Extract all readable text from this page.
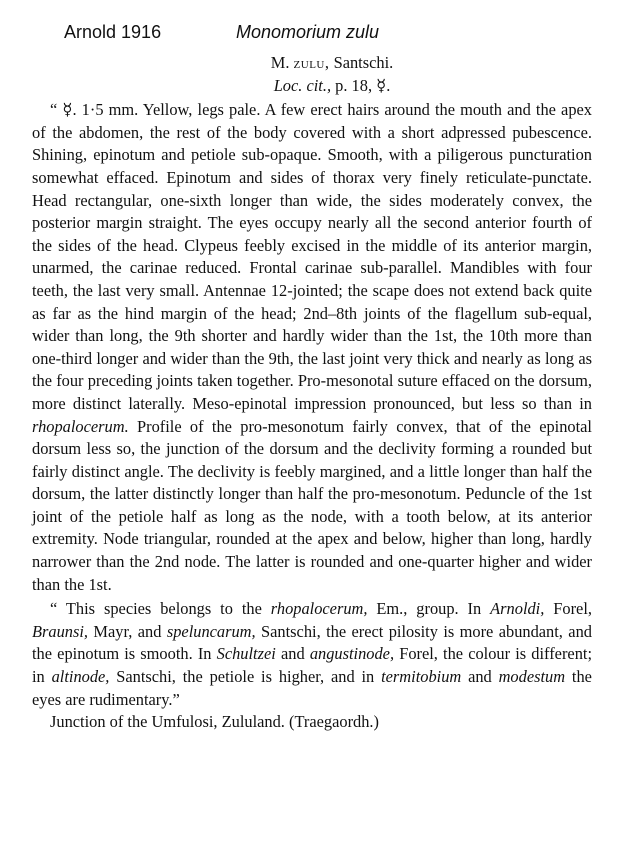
Arnold 1916	Monomorium zulu

M. zulu, Santschi.

Loc. cit., p. 18, ☿.

“ ☿. 1·5 mm. Yellow, legs pale. A few erect hairs around the mouth and the apex of the abdomen, the rest of the body covered with a short adpressed pubescence. Shining, epinotum and petiole sub-opaque. Smooth, with a piligerous puncturation somewhat effaced. Epinotum and sides of thorax very finely reticulate-punctate. Head rectangular, one-sixth longer than wide, the sides moderately convex, the posterior margin straight. The eyes occupy nearly all the second anterior fourth of the sides of the head. Clypeus feebly excised in the middle of its anterior margin, unarmed, the carinae reduced. Frontal carinae sub-parallel. Mandibles with four teeth, the last very small. Antennae 12-jointed; the scape does not extend back quite as far as the hind margin of the head; 2nd–8th joints of the flagellum sub-equal, wider than long, the 9th shorter and hardly wider than the 1st, the 10th more than one-third longer and wider than the 9th, the last joint very thick and nearly as long as the four preceding joints taken together. Pro-mesonotal suture effaced on the dorsum, more distinct laterally. Meso-epinotal impression pronounced, but less so than in rhopalocerum. Profile of the pro-mesonotum fairly convex, that of the epinotal dorsum less so, the junction of the dorsum and the declivity forming a rounded but fairly distinct angle. The declivity is feebly margined, and a little longer than half the dorsum, the latter distinctly longer than half the pro-mesonotum. Peduncle of the 1st joint of the petiole half as long as the node, with a tooth below, at its anterior extremity. Node triangular, rounded at the apex and below, higher than long, hardly narrower than the 2nd node. The latter is rounded and one-quarter higher and wider than the 1st.

“ This species belongs to the rhopalocerum, Em., group. In Arnoldi, Forel, Braunsi, Mayr, and speluncarum, Santschi, the erect pilosity is more abundant, and the epinotum is smooth. In Schultzei and angustinode, Forel, the colour is different; in altinode, Santschi, the petiole is higher, and in termitobium and modestum the eyes are rudimentary.”

Junction of the Umfulosi, Zululand. (Traegaordh.)
